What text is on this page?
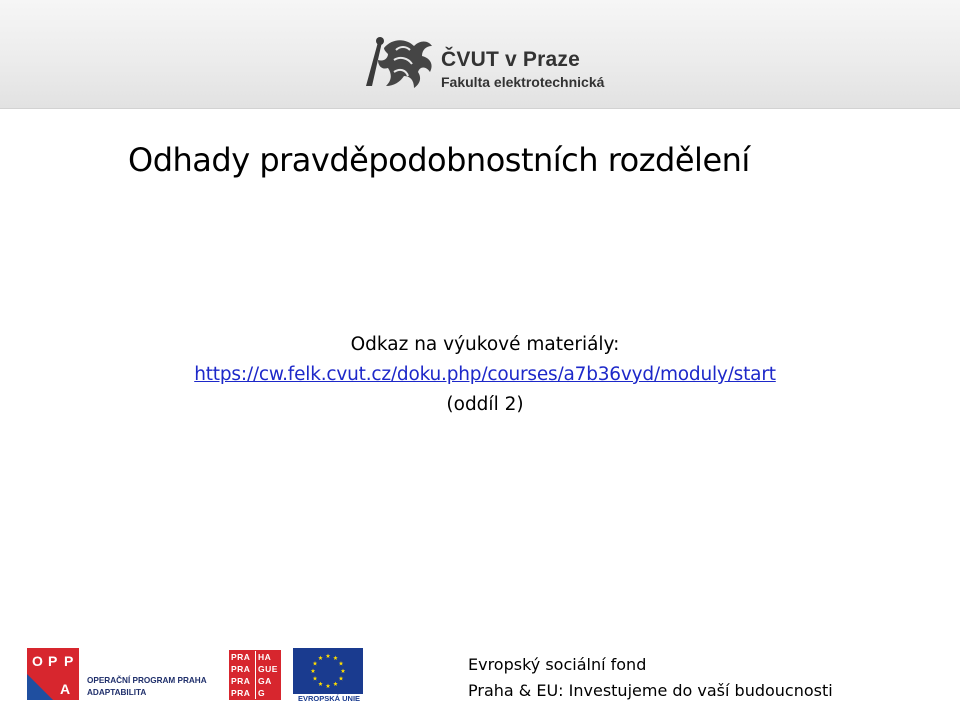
ČVUT v Praze
Fakulta elektrotechnická
Odhady pravděpodobnostních rozdělení
Odkaz na výukové materiály:
https://cw.felk.cvut.cz/doku.php/courses/a7b36vyd/moduly/start
(oddíl 2)
O P P
A
OPERAČNÍ PROGRAM PRAHA
ADAPTABILITA
PRA HA
PRA GUE
PRA GA
PRA G
EVROPSKÁ UNIE
Evropský sociální fond
Praha & EU: Investujeme do vaší budoucnosti
